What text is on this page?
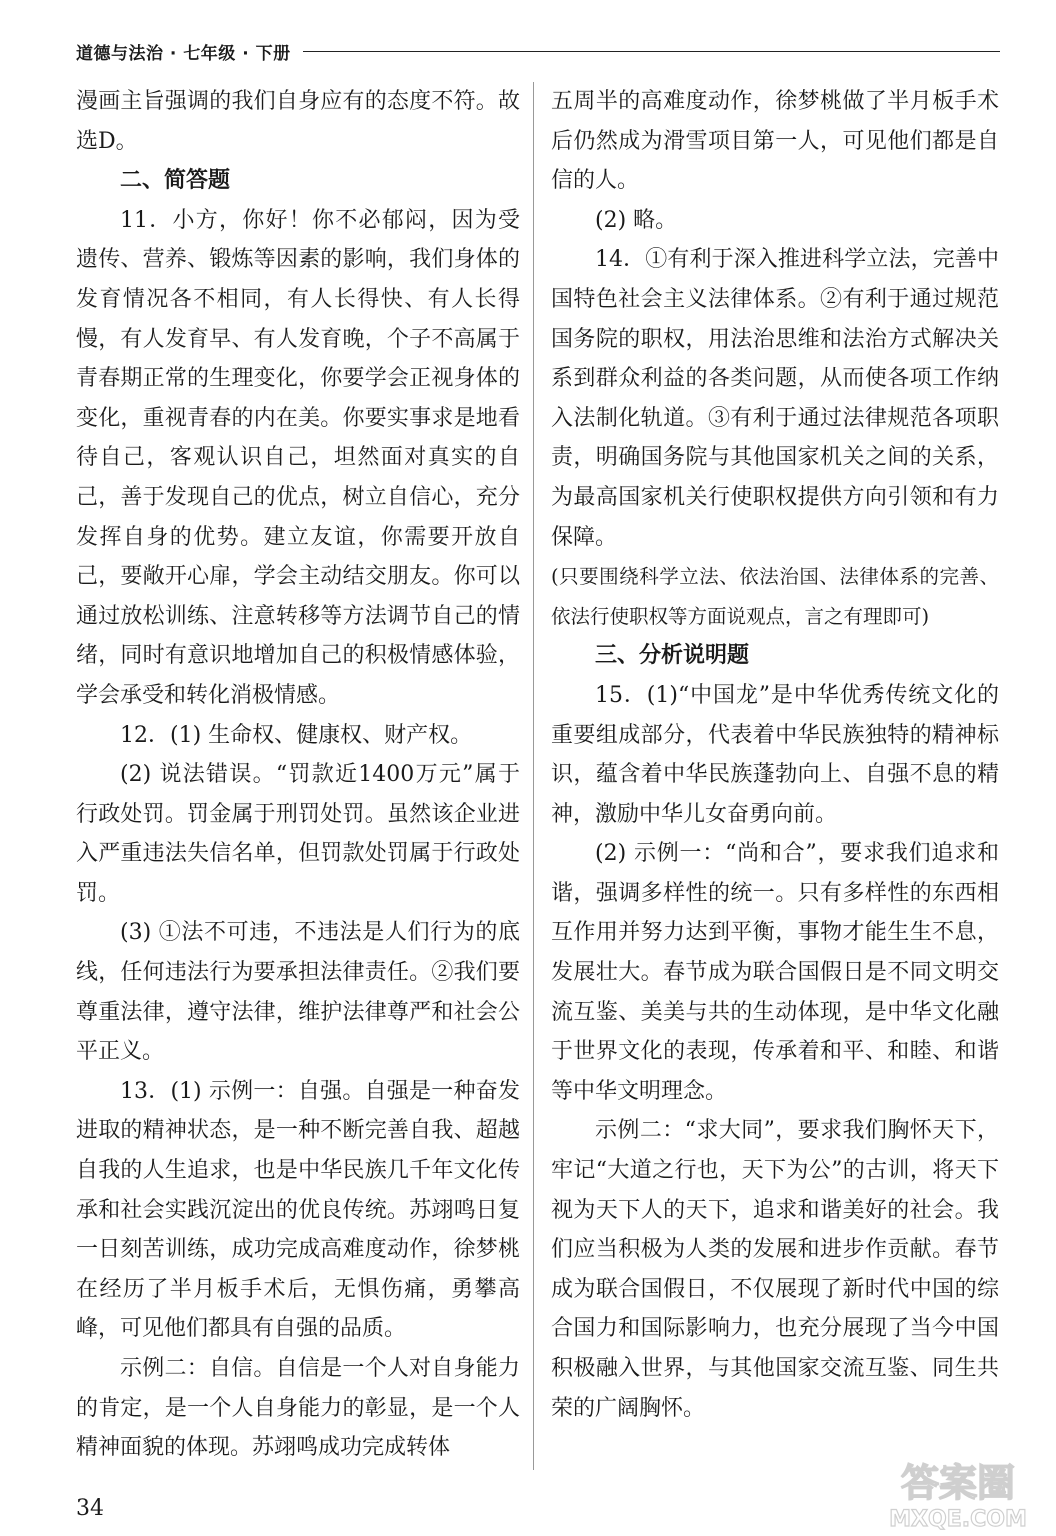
道德与法治 · 七年级 · 下册

漫画主旨强调的我们自身应有的态度不符。故选D。

二、简答题

11．小方，你好！你不必郁闷，因为受遗传、营养、锻炼等因素的影响，我们身体的发育情况各不相同，有人长得快、有人长得慢，有人发育早、有人发育晚，个子不高属于青春期正常的生理变化，你要学会正视身体的变化，重视青春的内在美。你要实事求是地看待自己，客观认识自己，坦然面对真实的自己，善于发现自己的优点，树立自信心，充分发挥自身的优势。建立友谊，你需要开放自己，要敞开心扉，学会主动结交朋友。你可以通过放松训练、注意转移等方法调节自己的情绪，同时有意识地增加自己的积极情感体验，学会承受和转化消极情感。

12．(1) 生命权、健康权、财产权。

(2) 说法错误。“罚款近1400万元”属于行政处罚。罚金属于刑罚处罚。虽然该企业进入严重违法失信名单，但罚款处罚属于行政处罚。

(3) ①法不可违，不违法是人们行为的底线，任何违法行为要承担法律责任。②我们要尊重法律，遵守法律，维护法律尊严和社会公平正义。

13．(1) 示例一：自强。自强是一种奋发进取的精神状态，是一种不断完善自我、超越自我的人生追求，也是中华民族几千年文化传承和社会实践沉淀出的优良传统。苏翊鸣日复一日刻苦训练，成功完成高难度动作，徐梦桃在经历了半月板手术后，无惧伤痛，勇攀高峰，可见他们都具有自强的品质。

示例二：自信。自信是一个人对自身能力的肯定，是一个人自身能力的彰显，是一个人精神面貌的体现。苏翊鸣成功完成转体

五周半的高难度动作，徐梦桃做了半月板手术后仍然成为滑雪项目第一人，可见他们都是自信的人。

(2) 略。

14．①有利于深入推进科学立法，完善中国特色社会主义法律体系。②有利于通过规范国务院的职权，用法治思维和法治方式解决关系到群众利益的各类问题，从而使各项工作纳入法制化轨道。③有利于通过法律规范各项职责，明确国务院与其他国家机关之间的关系，为最高国家机关行使职权提供方向引领和有力保障。

(只要围绕科学立法、依法治国、法律体系的完善、依法行使职权等方面说观点，言之有理即可)

三、分析说明题

15．(1)“中国龙”是中华优秀传统文化的重要组成部分，代表着中华民族独特的精神标识，蕴含着中华民族蓬勃向上、自强不息的精神，激励中华儿女奋勇向前。

(2) 示例一：“尚和合”，要求我们追求和谐，强调多样性的统一。只有多样性的东西相互作用并努力达到平衡，事物才能生生不息，发展壮大。春节成为联合国假日是不同文明交流互鉴、美美与共的生动体现，是中华文化融于世界文化的表现，传承着和平、和睦、和谐等中华文明理念。

示例二：“求大同”，要求我们胸怀天下，牢记“大道之行也，天下为公”的古训，将天下视为天下人的天下，追求和谐美好的社会。我们应当积极为人类的发展和进步作贡献。春节成为联合国假日，不仅展现了新时代中国的综合国力和国际影响力，也充分展现了当今中国积极融入世界，与其他国家交流互鉴、同生共荣的广阔胸怀。

34
答案圈
MXQE.COM
